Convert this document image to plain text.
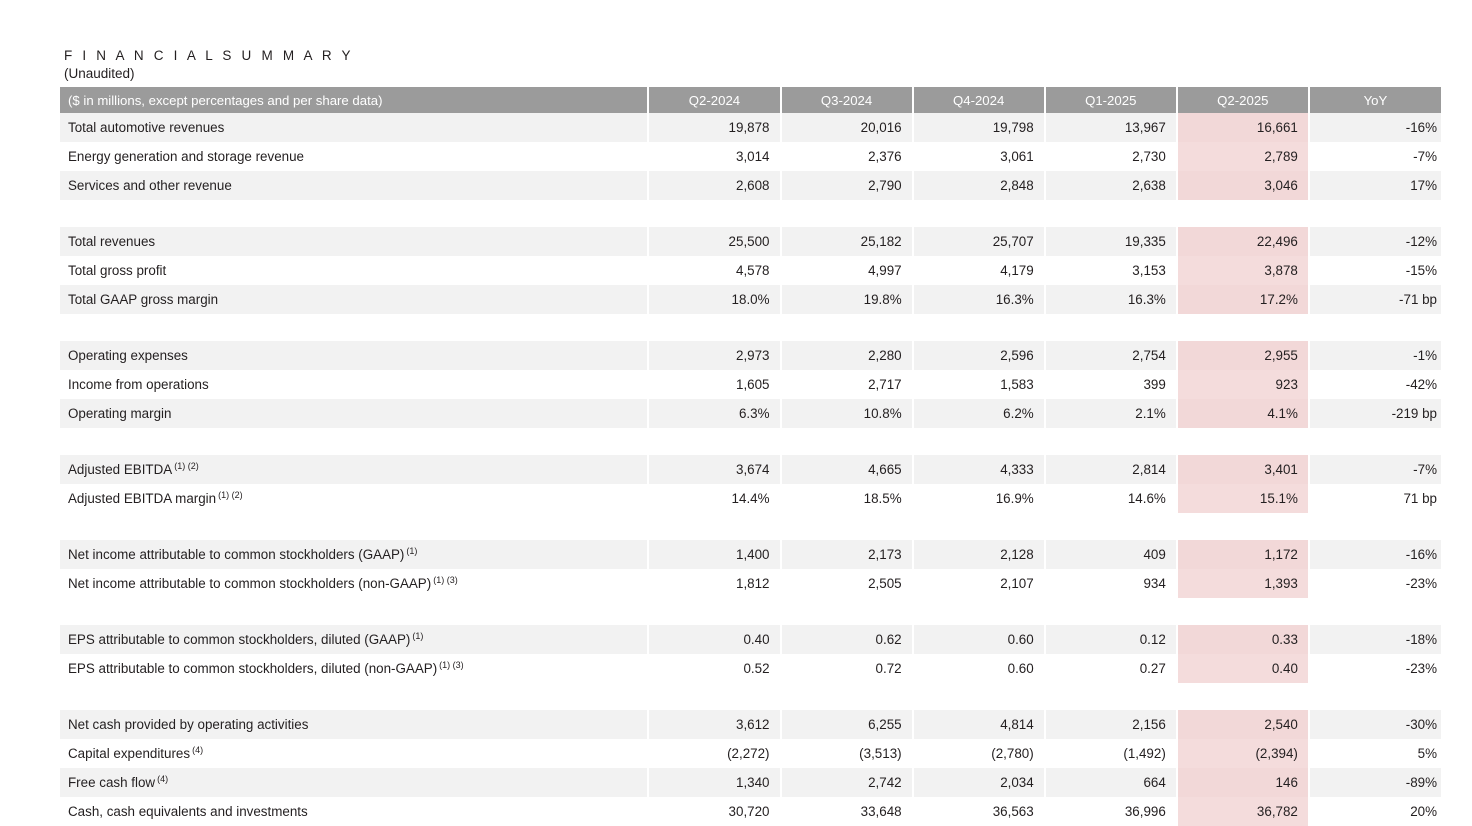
F I N A N C I A L S U M M A R Y
(Unaudited)
($ in millions, except percentages and per share data)	Q2-2024	Q3-2024	Q4-2024	Q1-2025	Q2-2025	YoY
Total automotive revenues	19,878	20,016	19,798	13,967	16,661	-16%
Energy generation and storage revenue	3,014	2,376	3,061	2,730	2,789	-7%
Services and other revenue	2,608	2,790	2,848	2,638	3,046	17%

Total revenues	25,500	25,182	25,707	19,335	22,496	-12%
Total gross profit	4,578	4,997	4,179	3,153	3,878	-15%
Total GAAP gross margin	18.0%	19.8%	16.3%	16.3%	17.2%	-71 bp

Operating expenses	2,973	2,280	2,596	2,754	2,955	-1%
Income from operations	1,605	2,717	1,583	399	923	-42%
Operating margin	6.3%	10.8%	6.2%	2.1%	4.1%	-219 bp

Adjusted EBITDA $^{(1) (2)}$	3,674	4,665	4,333	2,814	3,401	-7%
Adjusted EBITDA margin $^{(1) (2)}$	14.4%	18.5%	16.9%	14.6%	15.1%	71 bp

Net income attributable to common stockholders (GAAP) $^{(1)}$	1,400	2,173	2,128	409	1,172	-16%
Net income attributable to common stockholders (non-GAAP) $^{(1) (3)}$	1,812	2,505	2,107	934	1,393	-23%

EPS attributable to common stockholders, diluted (GAAP) $^{(1)}$	0.40	0.62	0.60	0.12	0.33	-18%
EPS attributable to common stockholders, diluted (non-GAAP) $^{(1) (3)}$	0.52	0.72	0.60	0.27	0.40	-23%

Net cash provided by operating activities	3,612	6,255	4,814	2,156	2,540	-30%
Capital expenditures $^{(4)}$	(2,272)	(3,513)	(2,780)	(1,492)	(2,394)	5%
Free cash flow $^{(4)}$	1,340	2,742	2,034	664	146	-89%
Cash, cash equivalents and investments	30,720	33,648	36,563	36,996	36,782	20%
